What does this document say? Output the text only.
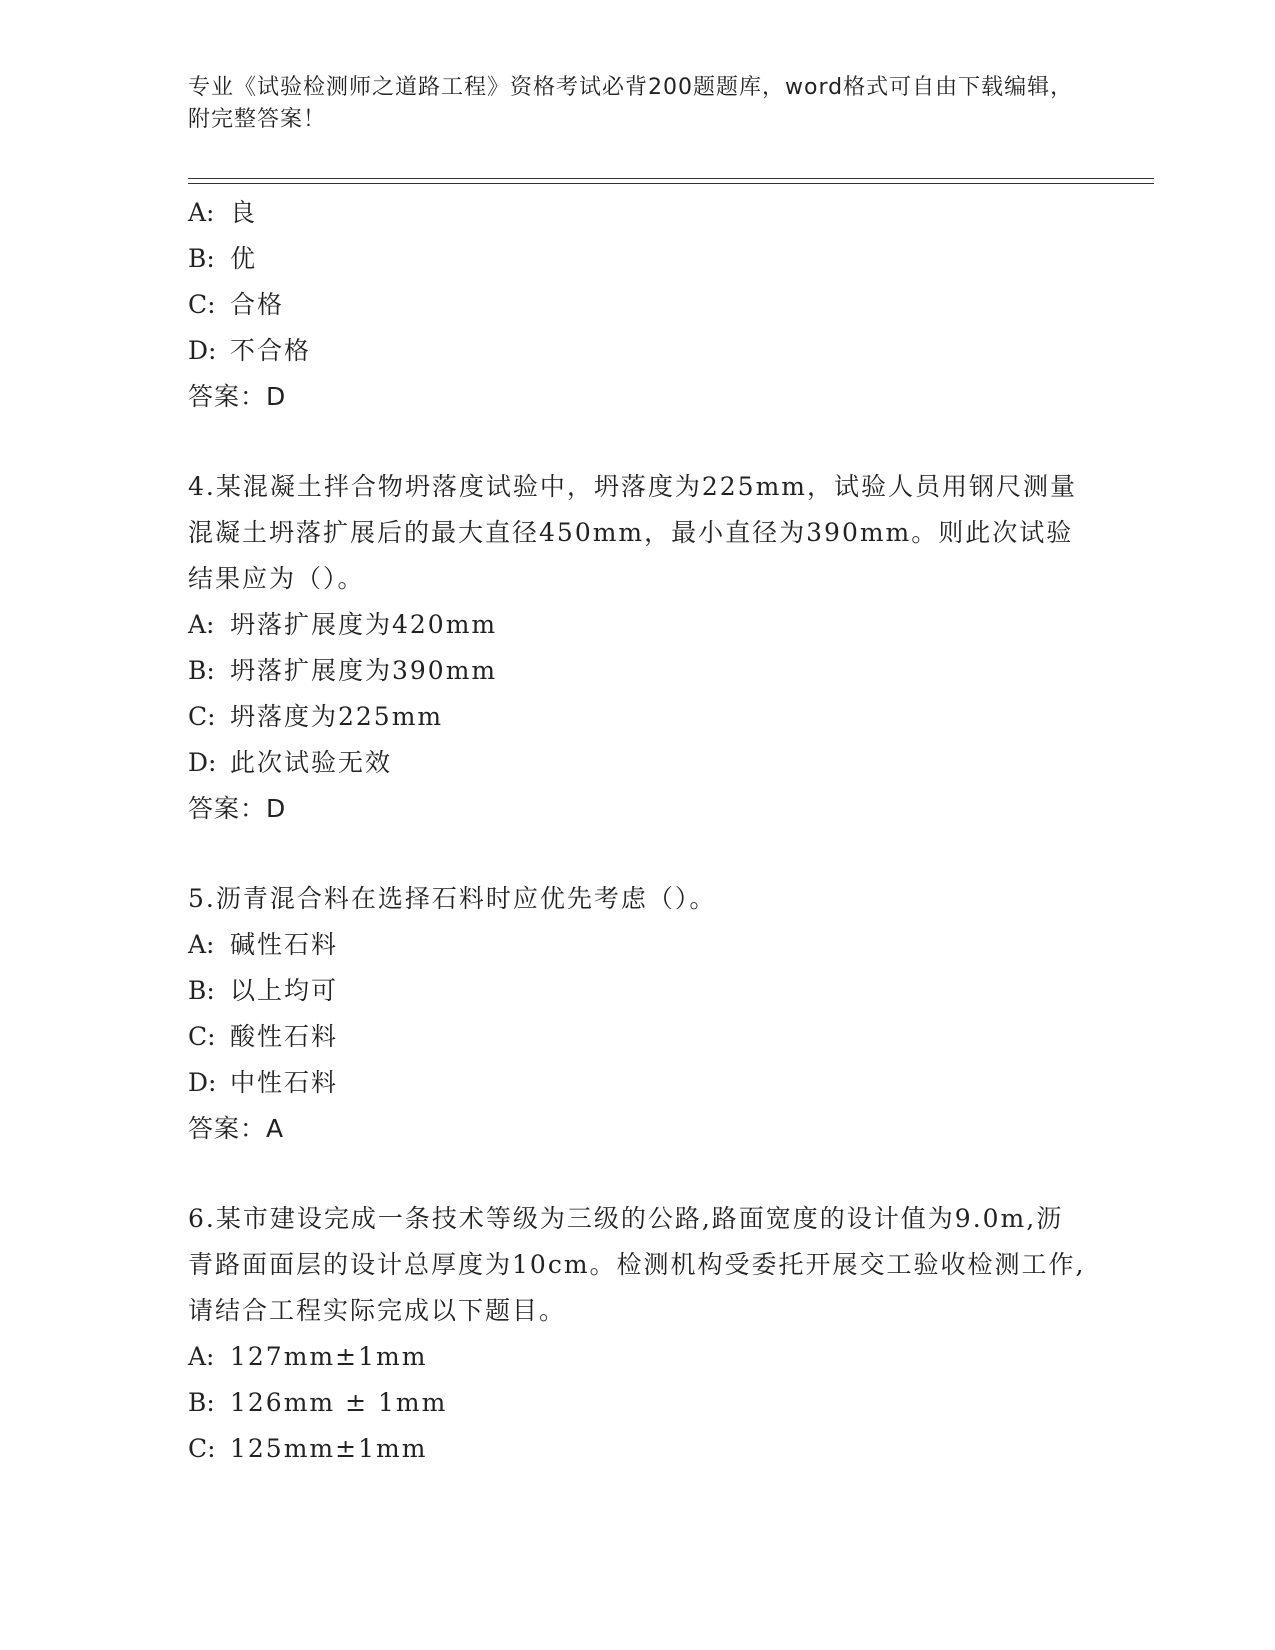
专业《试验检测师之道路工程》资格考试必背200题题库，word格式可自由下载编辑，附完整答案！
A: 良
B: 优
C: 合格
D: 不合格
答案：D
4.某混凝土拌合物坍落度试验中，坍落度为225mm，试验人员用钢尺测量混凝土坍落扩展后的最大直径450mm，最小直径为390mm。则此次试验结果应为（）。
A: 坍落扩展度为420mm
B: 坍落扩展度为390mm
C: 坍落度为225mm
D: 此次试验无效
答案：D
5.沥青混合料在选择石料时应优先考虑（）。
A: 碱性石料
B: 以上均可
C: 酸性石料
D: 中性石料
答案：A
6.某市建设完成一条技术等级为三级的公路,路面宽度的设计值为9.0m,沥青路面面层的设计总厚度为10cm。检测机构受委托开展交工验收检测工作,请结合工程实际完成以下题目。
A: 127mm±1mm
B: 126mm ± 1mm
C: 125mm±1mm
